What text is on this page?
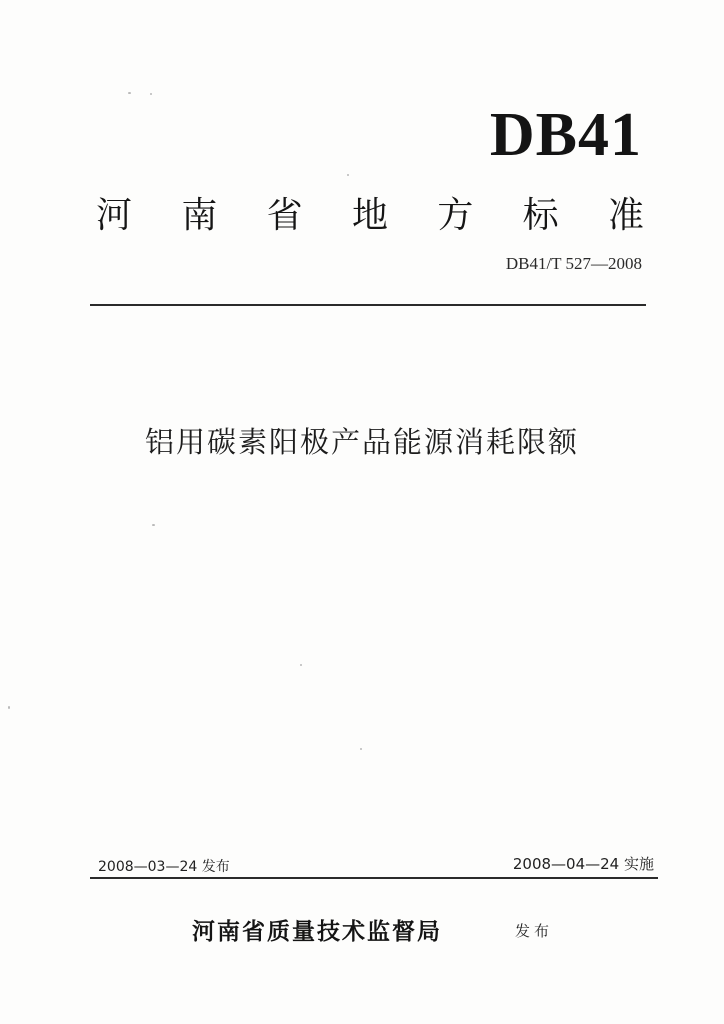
DB41
河 南 省 地 方 标 准
DB41/T 527—2008
铝用碳素阳极产品能源消耗限额
2008—03—24 发布	2008—04—24 实施
河南省质量技术监督局	发布
